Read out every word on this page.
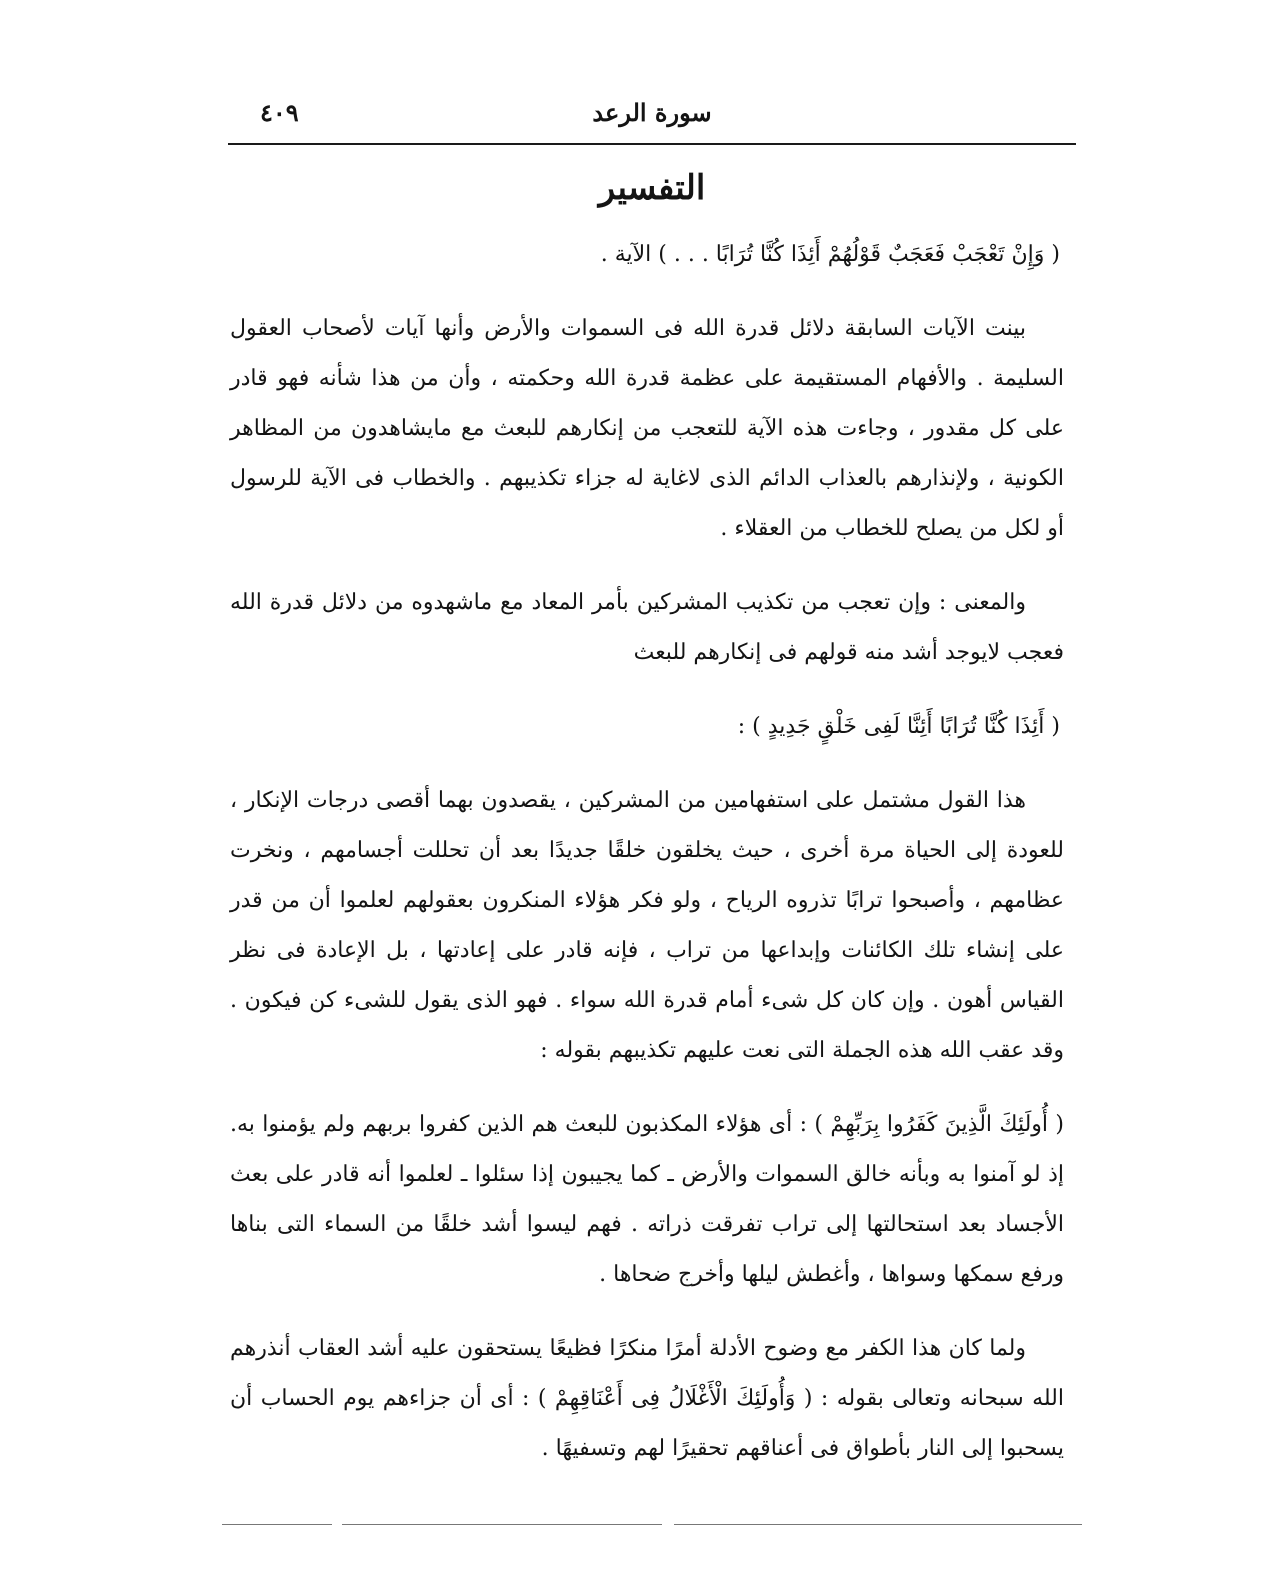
٤٠٩	سورة الرعد
التفسير

( وَإِنْ تَعْجَبْ فَعَجَبٌ قَوْلُهُمْ أَئِذَا كُنَّا تُرَابًا . . . ) الآية .

بينت الآيات السابقة دلائل قدرة الله فى السموات والأرض وأنها آيات لأصحاب العقول السليمة . والأفهام المستقيمة على عظمة قدرة الله وحكمته ، وأن من هذا شأنه فهو قادر على كل مقدور ، وجاءت هذه الآية للتعجب من إنكارهم للبعث مع مايشاهدون من المظاهر الكونية ، ولإنذارهم بالعذاب الدائم الذى لاغاية له جزاء تكذيبهم . والخطاب فى الآية للرسول أو لكل من يصلح للخطاب من العقلاء .

والمعنى : وإن تعجب من تكذيب المشركين بأمر المعاد مع ماشهدوه من دلائل قدرة الله فعجب لايوجد أشد منه قولهم فى إنكارهم للبعث

( أَئِذَا كُنَّا تُرَابًا أَئِنَّا لَفِى خَلْقٍ جَدِيدٍ ) :

هذا القول مشتمل على استفهامين من المشركين ، يقصدون بهما أقصى درجات الإنكار ، للعودة إلى الحياة مرة أخرى ، حيث يخلقون خلقًا جديدًا بعد أن تحللت أجسامهم ، ونخرت عظامهم ، وأصبحوا ترابًا تذروه الرياح ، ولو فكر هؤلاء المنكرون بعقولهم لعلموا أن من قدر على إنشاء تلك الكائنات وإبداعها من تراب ، فإنه قادر على إعادتها ، بل الإعادة فى نظر القياس أهون . وإن كان كل شىء أمام قدرة الله سواء . فهو الذى يقول للشىء كن فيكون . وقد عقب الله هذه الجملة التى نعت عليهم تكذيبهم بقوله :

( أُولَئِكَ الَّذِينَ كَفَرُوا بِرَبِّهِمْ ) : أى هؤلاء المكذبون للبعث هم الذين كفروا بربهم ولم يؤمنوا به. إذ لو آمنوا به وبأنه خالق السموات والأرض ـ كما يجيبون إذا سئلوا ـ لعلموا أنه قادر على بعث الأجساد بعد استحالتها إلى تراب تفرقت ذراته . فهم ليسوا أشد خلقًا من السماء التى بناها ورفع سمكها وسواها ، وأغطش ليلها وأخرج ضحاها .

ولما كان هذا الكفر مع وضوح الأدلة أمرًا منكرًا فظيعًا يستحقون عليه أشد العقاب أنذرهم الله سبحانه وتعالى بقوله : ( وَأُولَئِكَ الْأَغْلَالُ فِى أَعْنَاقِهِمْ ) : أى أن جزاءهم يوم الحساب أن يسحبوا إلى النار بأطواق فى أعناقهم تحقيرًا لهم وتسفيهًا .
